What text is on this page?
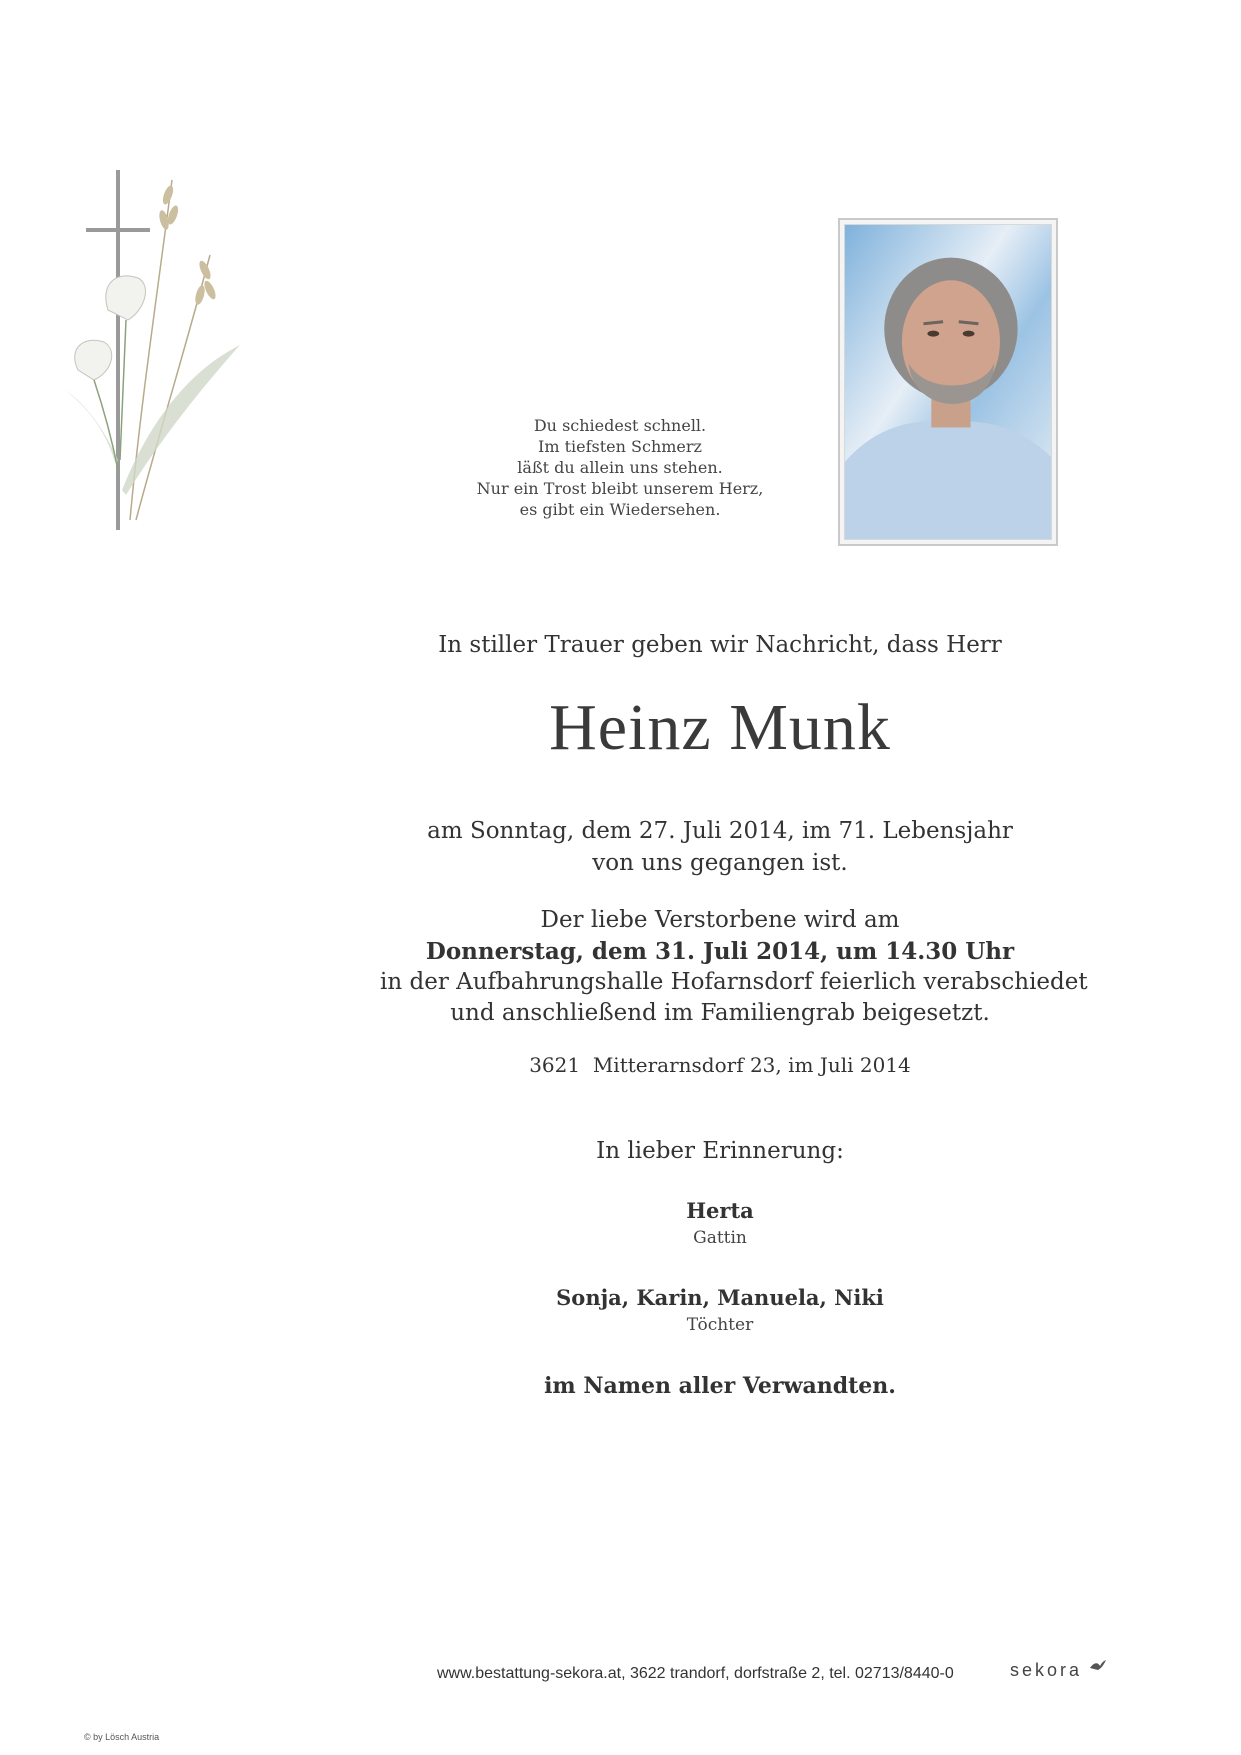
Du schiedest schnell.
Im tiefsten Schmerz
läßt du allein uns stehen.
Nur ein Trost bleibt unserem Herz,
es gibt ein Wiedersehen.
In stiller Trauer geben wir Nachricht, dass Herr
Heinz Munk
am Sonntag, dem 27. Juli 2014, im 71. Lebensjahr
von uns gegangen ist.
Der liebe Verstorbene wird am
Donnerstag, dem 31. Juli 2014, um 14.30 Uhr
in der Aufbahrungshalle Hofarnsdorf feierlich verabschiedet
und anschließend im Familiengrab beigesetzt.
3621  Mitterarnsdorf 23, im Juli 2014
In lieber Erinnerung:
Herta
Gattin
Sonja, Karin, Manuela, Niki
Töchter
im Namen aller Verwandten.
www.bestattung-sekora.at, 3622 trandorf, dorfstraße 2, tel. 02713/8440-0	sekora
© by Lösch Austria
